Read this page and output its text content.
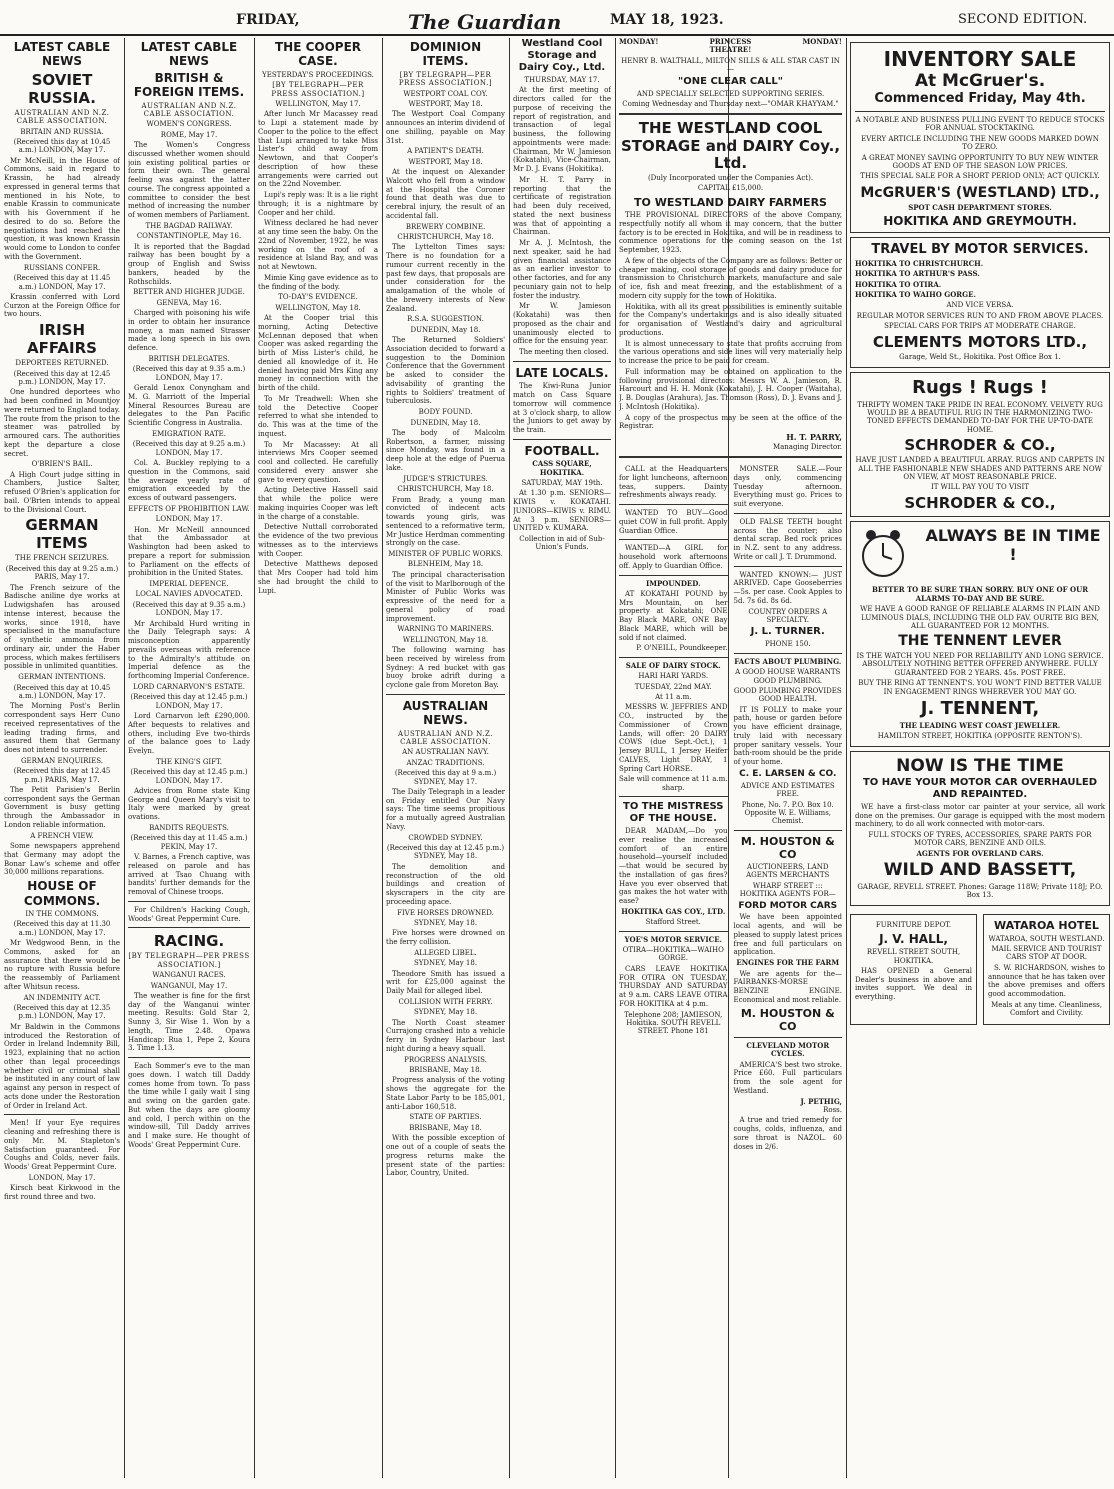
FRIDAY,	The Guardian	MAY 18, 1923.	SECOND EDITION.
LATEST CABLE NEWS
SOVIET RUSSIA.
AUSTRALIAN AND N.Z. CABLE ASSOCIATION.
BRITAIN AND RUSSIA.
(Received this day at 10.45 a.m.) LONDON, May 17.

Mr McNeill, in the House of Commons, said in regard to Krassin, he had already expressed in general terms that mentioned in his Note, to enable Krassin to communicate with his Government if he desired to do so. Before the negotiations had reached the question, it was known Krassin would come to London to confer with the Government.

RUSSIANS CONFER.
(Received this day at 11.45 a.m.) LONDON, May 17.

Krassin conferred with Lord Curzon at the Foreign Office for two hours.

IRISH AFFAIRS
DEPORTEES RETURNED.
(Received this day at 12.45 p.m.) LONDON, May 17.

One hundred deportees who had been confined in Mountjoy were returned to England today. The route from the prison to the steamer was patrolled by armoured cars. The authorities kept the departure a close secret.

O'BRIEN'S BAIL.

A High Court judge sitting in Chambers, Justice Salter, refused O'Brien's application for bail. O'Brien intends to appeal to the Divisional Court.

GERMAN ITEMS
THE FRENCH SEIZURES.
(Received this day at 9.25 a.m.) PARIS, May 17.

The French seizure of the Badische aniline dye works at Ludwigshafen has aroused intense interest, because the works, since 1918, have specialised in the manufacture of synthetic ammonia from ordinary air, under the Haber process, which makes fertilisers possible in unlimited quantities.

GERMAN INTENTIONS.
(Received this day at 10.45 a.m.) LONDON, May 17.

The Morning Post's Berlin correspondent says Herr Cuno received representatives of the leading trading firms, and assured them that Germany does not intend to surrender.

GERMAN ENQUIRIES.
(Received this day at 12.45 p.m.) PARIS, May 17.

The Petit Parisien's Berlin correspondent says the German Government is busy getting through the Ambassador in London reliable information.

A FRENCH VIEW.

Some newspapers apprehend that Germany may adopt the Bonar Law's scheme and offer 30,000 millions reparations.

HOUSE OF COMMONS.
IN THE COMMONS.
(Received this day at 11.30 a.m.) LONDON, May 17.

Mr Wedgwood Benn, in the Commons, asked for an assurance that there would be no rupture with Russia before the reassembly of Parliament after Whitsun recess.

AN INDEMNITY ACT.
(Received this day at 12.35 p.m.) LONDON, May 17.

Mr Baldwin in the Commons introduced the Restoration of Order in Ireland Indemnity Bill, 1923, explaining that no action other than legal proceedings whether civil or criminal shall be instituted in any court of law against any person in respect of acts done under the Restoration of Order in Ireland Act.

Men! If your Eye requires cleaning and refreshing there is only Mr. M. Stapleton's Satisfaction guaranteed. For Coughs and Colds, never fails. Woods' Great Peppermint Cure.

LONDON, May 17.

Kirsch beat Kirkwood in the first round three and two.

LATEST CABLE NEWS
BRITISH & FOREIGN ITEMS.
AUSTRALIAN AND N.Z. CABLE ASSOCIATION.
WOMEN'S CONGRESS.
ROME, May 17.

The Women's Congress discussed whether women should join existing political parties or form their own. The general feeling was against the latter course. The congress appointed a committee to consider the best method of increasing the number of women members of Parliament.

THE BAGDAD RAILWAY.
CONSTANTINOPLE, May 16.

It is reported that the Bagdad railway has been bought by a group of English and Swiss bankers, headed by the Rothschilds.

BETTER AND HIGHER JUDGE.
GENEVA, May 16.

Charged with poisoning his wife in order to obtain her insurance money, a man named Strasser made a long speech in his own defence.

BRITISH DELEGATES.
(Received this day at 9.35 a.m.) LONDON, May 17.

Gerald Lenox Conyngham and M. G. Marriott of the Imperial Mineral Resources Bureau are delegates to the Pan Pacific Scientific Congress in Australia.

EMIGRATION RATE.
(Received this day at 9.25 a.m.) LONDON, May 17.

Col. A. Buckley replying to a question in the Commons, said the average yearly rate of emigration exceeded by the excess of outward passengers.

EFFECTS OF PROHIBITION LAW.
LONDON, May 17.

Hon. Mr McNeill announced that the Ambassador at Washington had been asked to prepare a report for submission to Parliament on the effects of prohibition in the United States.

IMPERIAL DEFENCE.
LOCAL NAVIES ADVOCATED.
(Received this day at 9.35 a.m.) LONDON, May 17.

Mr Archibald Hurd writing in the Daily Telegraph says: A misconception apparently prevails overseas with reference to the Admiralty's attitude on Imperial defence as the forthcoming Imperial Conference.

LORD CARNARVON'S ESTATE.
(Received this day at 12.45 p.m.) LONDON, May 17.

Lord Carnarvon left £290,000. After bequests to relatives and others, including Eve two-thirds of the balance goes to Lady Evelyn.

THE KING'S GIFT.
(Received this day at 12.45 p.m.) LONDON, May 17.

Advices from Rome state King George and Queen Mary's visit to Italy were marked by great ovations.

BANDITS REQUESTS.
(Received this day at 11.45 a.m.) PEKIN, May 17.

V. Barnes, a French captive, was released on parole and has arrived at Tsao Chuang with bandits' further demands for the removal of Chinese troops.

For Children's Hacking Cough, Woods' Great Peppermint Cure.

RACING.
[BY TELEGRAPH—PER PRESS ASSOCIATION.]
WANGANUI RACES.
WANGANUI, May 17.

The weather is fine for the first day of the Wanganui winter meeting. Results: Gold Star 2, Sunny 3, Sir Wise 1. Won by a length, Time 2.48. Opawa Handicap: Rua 1, Pepe 2, Koura 3. Time 1.13.

Each Sommer's eve to the man goes down. I watch till Daddy comes home from town. To pass the time while I gaily wait I sing and swing on the garden gate. But when the days are gloomy and cold, I perch within on the window-sill, Till Daddy arrives and I make sure. He thought of Woods' Great Peppermint Cure.

THE COOPER CASE.
YESTERDAY'S PROCEEDINGS.
[BY TELEGRAPH—PER PRESS ASSOCIATION.]
WELLINGTON, May 17.

After lunch Mr Macassey read to Lupi a statement made by Cooper to the police to the effect that Lupi arranged to take Miss Lister's child away from Newtown, and that Cooper's description of how these arrangements were carried out on the 22nd November.

Lupi's reply was: It is a lie right through; it is a nightmare by Cooper and her child.

Witness declared he had never at any time seen the baby. On the 22nd of November, 1922, he was working on the roof of a residence at Island Bay, and was not at Newtown.

Mimie King gave evidence as to the finding of the body.

TO-DAY'S EVIDENCE.
WELLINGTON, May 18.

At the Cooper trial this morning, Acting Detective McLennan deposed that when Cooper was asked regarding the birth of Miss Lister's child, he denied all knowledge of it. He denied having paid Mrs King any money in connection with the birth of the child.

To Mr Treadwell: When she told the Detective Cooper referred to what she intended to do. This was at the time of the inquest.

To Mr Macassey: At all interviews Mrs Cooper seemed cool and collected. He carefully considered every answer she gave to every question.

Acting Detective Hassell said that while the police were making inquiries Cooper was left in the charge of a constable.

Detective Nuttall corroborated the evidence of the two previous witnesses as to the interviews with Cooper.

Detective Matthews deposed that Mrs Cooper had told him she had brought the child to Lupi.

DOMINION ITEMS.
[BY TELEGRAPH—PER PRESS ASSOCIATION.]
WESTPORT COAL COY.
WESTPORT, May 18.

The Westport Coal Company announces an interim dividend of one shilling, payable on May 31st.

A PATIENT'S DEATH.
WESTPORT, May 18.

At the inquest on Alexander Walcott who fell from a window at the Hospital the Coroner found that death was due to cerebral injury, the result of an accidental fall.

BREWERY COMBINE.
CHRISTCHURCH, May 18.

The Lyttelton Times says: There is no foundation for a rumour current recently in the past few days, that proposals are under consideration for the amalgamation of the whole of the brewery interests of New Zealand.

R.S.A. SUGGESTION.
DUNEDIN, May 18.

The Returned Soldiers' Association decided to forward a suggestion to the Dominion Conference that the Government be asked to consider the advisability of granting the rights to Soldiers' treatment of tuberculosis.

BODY FOUND.
DUNEDIN, May 18.

The body of Malcolm Robertson, a farmer, missing since Monday, was found in a deep hole at the edge of Puerua lake.

JUDGE'S STRICTURES.
CHRISTCHURCH, May 18.

From Brady, a young man convicted of indecent acts towards young girls, was sentenced to a reformative term, Mr Justice Herdman commenting strongly on the case.

MINISTER OF PUBLIC WORKS.
BLENHEIM, May 18.

The principal characterisation of the visit to Marlborough of the Minister of Public Works was expressive of the need for a general policy of road improvement.

WARNING TO MARINERS.
WELLINGTON, May 18.

The following warning has been received by wireless from Sydney: A red bucket with gas buoy broke adrift during a cyclone gale from Moreton Bay.

AUSTRALIAN NEWS.
AUSTRALIAN AND N.Z. CABLE ASSOCIATION.
AN AUSTRALIAN NAVY.
ANZAC TRADITIONS.
(Received this day at 9 a.m.) SYDNEY, May 17.

The Daily Telegraph in a leader on Friday entitled Our Navy says: The time seems propitious for a mutually agreed Australian Navy.

CROWDED SYDNEY.
(Received this day at 12.45 p.m.) SYDNEY, May 18.

The demolition and reconstruction of the old buildings and creation of skyscrapers in the city are proceeding apace.

FIVE HORSES DROWNED.
SYDNEY, May 18.

Five horses were drowned on the ferry collision.

ALLEGED LIBEL.
SYDNEY, May 18.

Theodore Smith has issued a writ for £25,000 against the Daily Mail for alleged libel.

COLLISION WITH FERRY.
SYDNEY, May 18.

The North Coast steamer Currajong crashed into a vehicle ferry in Sydney Harbour last night during a heavy squall.

PROGRESS ANALYSIS.
BRISBANE, May 18.

Progress analysis of the voting shows the aggregate for the State Labor Party to be 185,001, anti-Labor 160,518.

STATE OF PARTIES.
BRISBANE, May 18.

With the possible exception of one out of a couple of seats the progress returns make the present state of the parties: Labor, Country, United.

Westland Cool Storage and Dairy Coy., Ltd.
THURSDAY, MAY 17.

At the first meeting of directors called for the purpose of receiving the report of registration, and transaction of legal business, the following appointments were made: Chairman, Mr W. Jamieson (Kokatahi), Vice-Chairman, Mr D. J. Evans (Hokitika).

Mr H. T. Parry in reporting that the certificate of registration had been duly received, stated the next business was that of appointing a Chairman.

Mr A. J. McIntosh, the next speaker, said he had given financial assistance as an earlier investor to other factories, and for any pecuniary gain not to help foster the industry.

Mr W. Jamieson (Kokatahi) was then proposed as the chair and unanimously elected to office for the ensuing year.

The meeting then closed.

LATE LOCALS.

The Kiwi-Runa Junior match on Cass Square tomorrow will commence at 3 o'clock sharp, to allow the Juniors to get away by the train.

FOOTBALL.
CASS SQUARE, HOKITIKA.
SATURDAY, MAY 19th.

At 1.30 p.m. SENIORS—KIWIS v. KOKATAHI. JUNIORS—KIWIS v. RIMU. At 3 p.m. SENIORS—UNITED v. KUMARA.

Collection in aid of Sub-Union's Funds.
MONDAY!	PRINCESS THEATRE!
MONDAY!
HENRY B. WALTHALL, MILTON SILLS & ALL STAR CAST IN—
"ONE CLEAR CALL"
AND SPECIALLY SELECTED SUPPORTING SERIES.
Coming Wednesday and Thursday next—"OMAR KHAYYAM."
THE WESTLAND COOL STORAGE and DAIRY Coy., Ltd.
(Duly Incorporated under the Companies Act).
CAPITAL £15,000.
TO WESTLAND DAIRY FARMERS

THE PROVISIONAL DIRECTORS of the above Company, respectfully notify all whom it may concern, that the butter factory is to be erected in Hokitika, and will be in readiness to commence operations for the coming season on the 1st September, 1923.

A few of the objects of the Company are as follows: Better or cheaper making, cool storage of goods and dairy produce for transmission to Christchurch markets, manufacture and sale of ice, fish and meat freezing, and the establishment of a modern city supply for the town of Hokitika.

Hokitika, with all its great possibilities is eminently suitable for the Company's undertakings and is also ideally situated for organisation of Westland's dairy and agricultural productions.

It is almost unnecessary to state that profits accruing from the various operations and side lines will very materially help to increase the price to be paid for cream.

Full information may be obtained on application to the following provisional directors: Messrs W. A. Jamieson, R. Harcourt and H. H. Monk (Kokatahi), J. H. Cooper (Waitaha), J. B. Douglas (Arahura), Jas. Thomson (Ross), D. J. Evans and J. J. McIntosh (Hokitika).

A copy of the prospectus may be seen at the office of the Registrar.

H. T. PARRY,
Managing Director.

CALL at the Headquarters for light luncheons, afternoon teas, suppers. Dainty refreshments always ready.

WANTED TO BUY—Good quiet COW in full profit. Apply Guardian Office.

WANTED—A GIRL for household work afternoons off. Apply to Guardian Office.

IMPOUNDED.

AT KOKATAHI POUND by Mrs Mountain, on her property at Kokatahi; ONE Bay Black MARE, ONE Bay Black MARE, which will be sold if not claimed.

P. O'NEILL, Poundkeeper.
SALE OF DAIRY STOCK.
HARI HARI YARDS.
TUESDAY, 22nd MAY.
At 11 a.m.

MESSRS W. JEFFRIES AND CO., instructed by the Commissioner of Crown Lands, will offer: 20 DAIRY COWS (due Sept.-Oct.), 1 Jersey BULL, 1 Jersey Heifer CALVES, Light DRAY, 1 Spring Cart HORSE.

Sale will commence at 11 a.m. sharp.
TO THE MISTRESS OF THE HOUSE.

DEAR MADAM,—Do you ever realise the increased comfort of an entire household—yourself included—that would be secured by the installation of gas fires? Have you ever observed that gas makes the hot water with ease?

HOKITIKA GAS COY., LTD.
Stafford Street.
YOE'S MOTOR SERVICE.
OTIRA—HOKITIKA—WAIHO GORGE.

CARS LEAVE HOKITIKA FOR OTIRA ON TUESDAY, THURSDAY AND SATURDAY at 9 a.m. CARS LEAVE OTIRA FOR HOKITIKA at 4 p.m.

Telephone 208; JAMIESON, Hokitika. SOUTH REVELL STREET. Phone 181

MONSTER SALE.—Four days only, commencing Tuesday afternoon. Everything must go. Prices to suit everyone.

OLD FALSE TEETH bought across the counter; also dental scrap. Bed rock prices in N.Z. sent to any address. Write or call J. T. Drummond.

WANTED KNOWN:— JUST ARRIVED. Cape Gooseberries—5s. per case. Cook Apples to 5d. 7s 6d. 8s 6d.

COUNTRY ORDERS A SPECIALTY.
J. L. TURNER.
PHONE 150.
FACTS ABOUT PLUMBING.
A GOOD HOUSE WARRANTS GOOD PLUMBING.
GOOD PLUMBING PROVIDES GOOD HEALTH.

IT IS FOLLY to make your path, house or garden before you have efficient drainage, truly laid with necessary proper sanitary vessels. Your bath-room should be the pride of your home.

C. E. LARSEN & CO.
ADVICE AND ESTIMATES FREE.
Phone, No. 7. P.O. Box 10. Opposite W. E. Williams, Chemist.
M. HOUSTON & CO
AUCTIONEERS, LAND AGENTS MERCHANTS
WHARF STREET ::: HOKITIKA AGENTS FOR—
FORD MOTOR CARS

We have been appointed local agents, and will be pleased to supply latest prices free and full particulars on application.

ENGINES FOR THE FARM

We are agents for the— FAIRBANKS-MORSE BENZINE ENGINE. Economical and most reliable.

M. HOUSTON & CO
CLEVELAND MOTOR CYCLES.

AMERICA'S best two stroke. Price £60. Full particulars from the sole agent for Westland.

J. PETHIG,
Ross.

A true and tried remedy for coughs, colds, influenza, and sore throat is NAZOL. 60 doses in 2/6.

INVENTORY SALE
At McGruer's.
Commenced Friday, May 4th.
A NOTABLE AND BUSINESS PULLING EVENT TO REDUCE STOCKS FOR ANNUAL STOCKTAKING.
EVERY ARTICLE INCLUDING THE NEW GOODS MARKED DOWN TO ZERO.
A GREAT MONEY SAVING OPPORTUNITY TO BUY NEW WINTER GOODS AT END OF THE SEASON LOW PRICES.
THIS SPECIAL SALE FOR A SHORT PERIOD ONLY; ACT QUICKLY.
McGRUER'S (WESTLAND) LTD.,
SPOT CASH DEPARTMENT STORES.
HOKITIKA AND GREYMOUTH.
TRAVEL BY MOTOR SERVICES.
HOKITIKA TO CHRISTCHURCH.
HOKITIKA TO ARTHUR'S PASS.
HOKITIKA TO OTIRA.
HOKITIKA TO WAIHO GORGE.
AND VICE VERSA.
REGULAR MOTOR SERVICES RUN TO AND FROM ABOVE PLACES.
SPECIAL CARS FOR TRIPS AT MODERATE CHARGE.
CLEMENTS MOTORS LTD.,
Garage, Weld St., Hokitika. Post Office Box 1.
Rugs ! Rugs !
THRIFTY WOMEN TAKE PRIDE IN REAL ECONOMY. VELVETY RUG WOULD BE A BEAUTIFUL RUG IN THE HARMONIZING TWO-TONED EFFECTS DEMANDED TO-DAY FOR THE UP-TO-DATE HOME.
SCHRODER & CO.,
HAVE JUST LANDED A BEAUTIFUL ARRAY. RUGS AND CARPETS IN ALL THE FASHIONABLE NEW SHADES AND PATTERNS ARE NOW ON VIEW, AT MOST REASONABLE PRICE.
IT WILL PAY YOU TO VISIT
SCHRODER & CO.,
ALWAYS BE IN TIME !
BETTER TO BE SURE THAN SORRY. BUY ONE OF OUR ALARMS TO-DAY AND BE SURE.
WE HAVE A GOOD RANGE OF RELIABLE ALARMS IN PLAIN AND LUMINOUS DIALS, INCLUDING THE OLD FAV. OURITE BIG BEN, ALL GUARANTEED FOR 12 MONTHS.
THE TENNENT LEVER
IS THE WATCH YOU NEED FOR RELIABILITY AND LONG SERVICE. ABSOLUTELY NOTHING BETTER OFFERED ANYWHERE. FULLY GUARANTEED FOR 2 YEARS. 45s. POST FREE.
BUY THE RING AT TENNENT'S. YOU WON'T FIND BETTER VALUE IN ENGAGEMENT RINGS WHEREVER YOU MAY GO.
J. TENNENT,
THE LEADING WEST COAST JEWELLER.
HAMILTON STREET, HOKITIKA (OPPOSITE RENTON'S).
NOW IS THE TIME
TO HAVE YOUR MOTOR CAR OVERHAULED AND REPAINTED.

WE have a first-class motor car painter at your service, all work done on the premises. Our garage is equipped with the most modern machinery, to do all work connected with motor-cars.

FULL STOCKS OF TYRES, ACCESSORIES, SPARE PARTS FOR MOTOR CARS, BENZINE AND OILS.
AGENTS FOR OVERLAND CARS.
WILD AND BASSETT,
GARAGE, REVELL STREET. Phones: Garage 118W; Private 118J; P.O. Box 13.
FURNITURE DEPOT.
J. V. HALL,
REVELL STREET SOUTH, HOKITIKA.

HAS OPENED a General Dealer's business in above and invites support. We deal in everything.

WATAROA HOTEL
WATAROA, SOUTH WESTLAND.
MAIL SERVICE AND TOURIST CARS STOP AT DOOR.

S. W. RICHARDSON, wishes to announce that he has taken over the above premises and offers good accommodation.

Meals at any time. Cleanliness, Comfort and Civility.
